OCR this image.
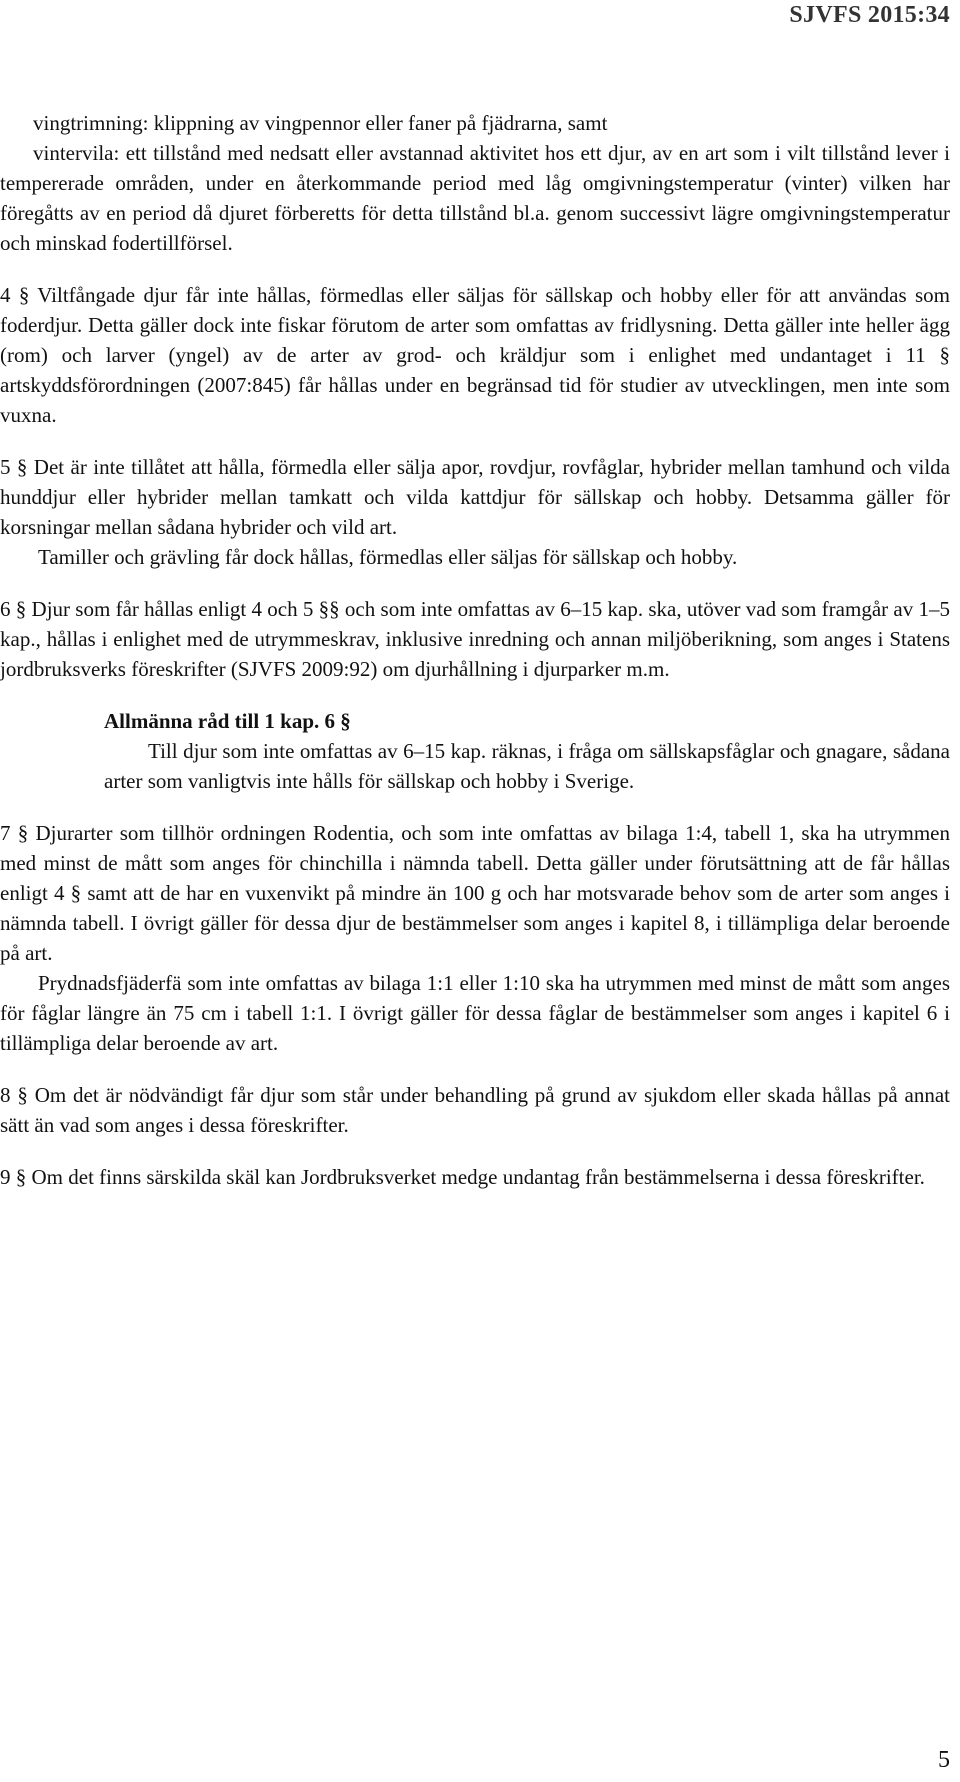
SJVFS 2015:34

vingtrimning: klippning av vingpennor eller faner på fjädrarna, samt

vintervila: ett tillstånd med nedsatt eller avstannad aktivitet hos ett djur, av en art som i vilt tillstånd lever i tempererade områden, under en återkommande period med låg omgivningstemperatur (vinter) vilken har föregåtts av en period då djuret förberetts för detta tillstånd bl.a. genom successivt lägre omgivningstemperatur och minskad fodertillförsel.

4 § Viltfångade djur får inte hållas, förmedlas eller säljas för sällskap och hobby eller för att användas som foderdjur. Detta gäller dock inte fiskar förutom de arter som omfattas av fridlysning. Detta gäller inte heller ägg (rom) och larver (yngel) av de arter av grod- och kräldjur som i enlighet med undantaget i 11 § artskyddsförordningen (2007:845) får hållas under en begränsad tid för studier av utvecklingen, men inte som vuxna.

5 § Det är inte tillåtet att hålla, förmedla eller sälja apor, rovdjur, rovfåglar, hybrider mellan tamhund och vilda hunddjur eller hybrider mellan tamkatt och vilda kattdjur för sällskap och hobby. Detsamma gäller för korsningar mellan sådana hybrider och vild art.

Tamiller och grävling får dock hållas, förmedlas eller säljas för sällskap och hobby.

6 § Djur som får hållas enligt 4 och 5 §§ och som inte omfattas av 6–15 kap. ska, utöver vad som framgår av 1–5 kap., hållas i enlighet med de utrymmeskrav, inklusive inredning och annan miljöberikning, som anges i Statens jordbruksverks föreskrifter (SJVFS 2009:92) om djurhållning i djurparker m.m.

Allmänna råd till 1 kap. 6 §

Till djur som inte omfattas av 6–15 kap. räknas, i fråga om sällskapsfåglar och gnagare, sådana arter som vanligtvis inte hålls för sällskap och hobby i Sverige.

7 § Djurarter som tillhör ordningen Rodentia, och som inte omfattas av bilaga 1:4, tabell 1, ska ha utrymmen med minst de mått som anges för chinchilla i nämnda tabell. Detta gäller under förutsättning att de får hållas enligt 4 § samt att de har en vuxenvikt på mindre än 100 g och har motsvarade behov som de arter som anges i nämnda tabell. I övrigt gäller för dessa djur de bestämmelser som anges i kapitel 8, i tillämpliga delar beroende på art.

Prydnadsfjäderfä som inte omfattas av bilaga 1:1 eller 1:10 ska ha utrymmen med minst de mått som anges för fåglar längre än 75 cm i tabell 1:1. I övrigt gäller för dessa fåglar de bestämmelser som anges i kapitel 6 i tillämpliga delar beroende av art.

8 § Om det är nödvändigt får djur som står under behandling på grund av sjukdom eller skada hållas på annat sätt än vad som anges i dessa föreskrifter.

9 § Om det finns särskilda skäl kan Jordbruksverket medge undantag från bestämmelserna i dessa föreskrifter.

5
